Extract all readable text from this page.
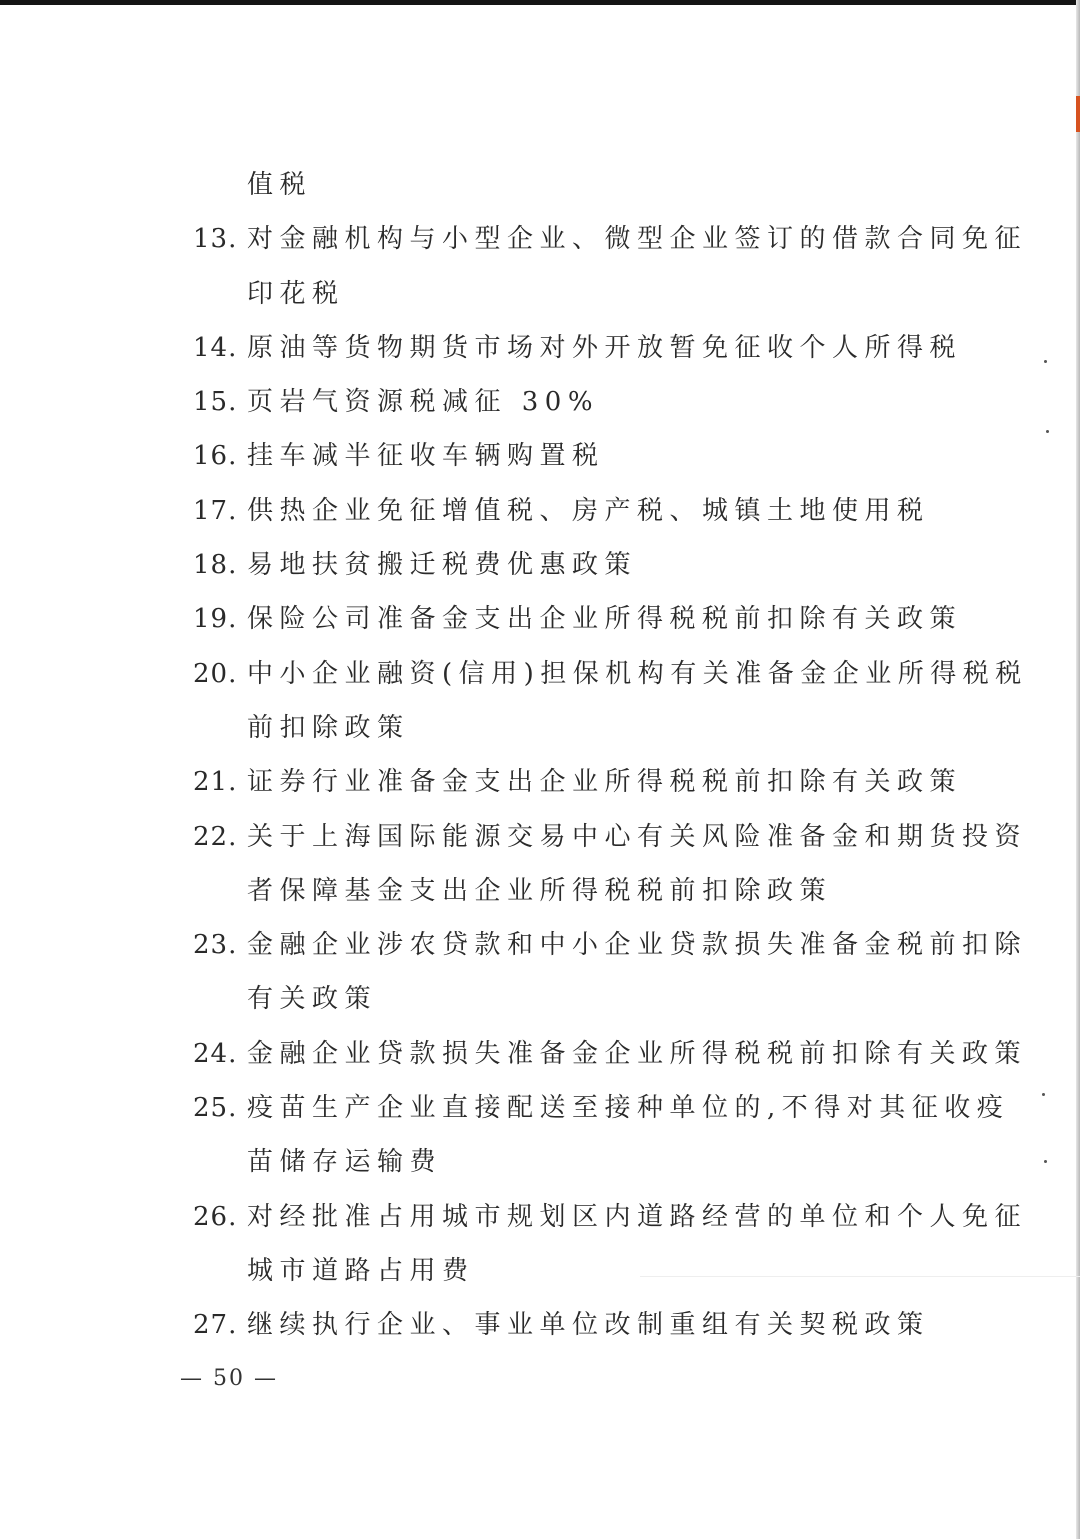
值税
13. 对金融机构与小型企业、微型企业签订的借款合同免征
印花税
14. 原油等货物期货市场对外开放暂免征收个人所得税
15. 页岩气资源税减征 30%
16. 挂车减半征收车辆购置税
17. 供热企业免征增值税、房产税、城镇土地使用税
18. 易地扶贫搬迁税费优惠政策
19. 保险公司准备金支出企业所得税税前扣除有关政策
20. 中小企业融资(信用)担保机构有关准备金企业所得税税
前扣除政策
21. 证券行业准备金支出企业所得税税前扣除有关政策
22. 关于上海国际能源交易中心有关风险准备金和期货投资
者保障基金支出企业所得税税前扣除政策
23. 金融企业涉农贷款和中小企业贷款损失准备金税前扣除
有关政策
24. 金融企业贷款损失准备金企业所得税税前扣除有关政策
25. 疫苗生产企业直接配送至接种单位的,不得对其征收疫
苗储存运输费
26. 对经批准占用城市规划区内道路经营的单位和个人免征
城市道路占用费
27. 继续执行企业、事业单位改制重组有关契税政策
— 50 —
